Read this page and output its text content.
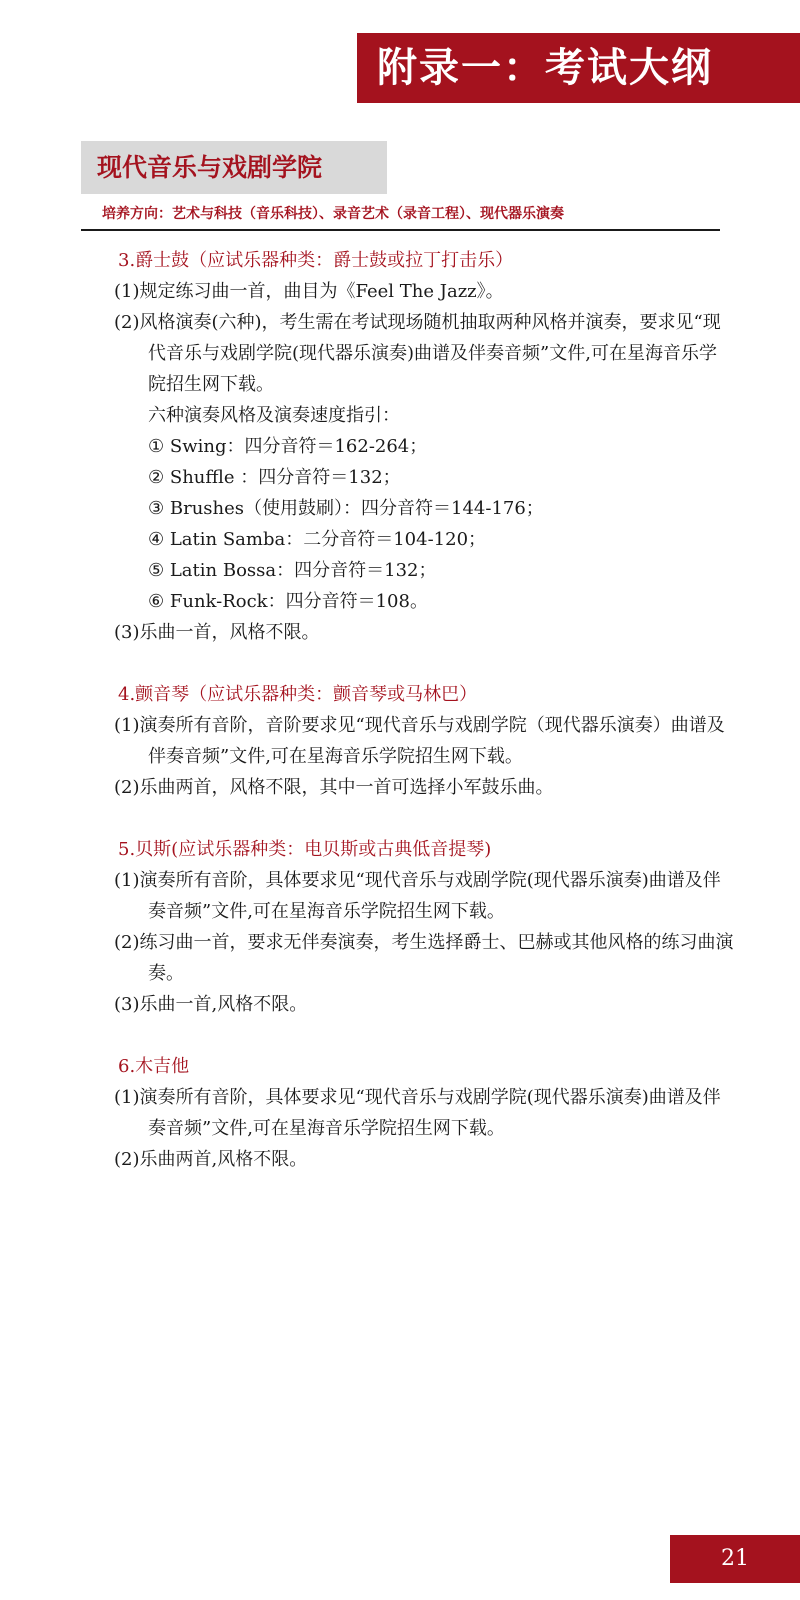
附录一：考试大纲
现代音乐与戏剧学院
培养方向：艺术与科技（音乐科技）、录音艺术（录音工程）、现代器乐演奏
3.爵士鼓（应试乐器种类：爵士鼓或拉丁打击乐）
(1)规定练习曲一首，曲目为《Feel The Jazz》。
(2)风格演奏(六种)，考生需在考试现场随机抽取两种风格并演奏，要求见“现代音乐与戏剧学院(现代器乐演奏)曲谱及伴奏音频”文件,可在星海音乐学院招生网下载。
六种演奏风格及演奏速度指引：
① Swing：四分音符＝162-264；
② Shuffle ：四分音符＝132；
③ Brushes（使用鼓刷）：四分音符＝144-176；
④ Latin Samba：二分音符＝104-120；
⑤ Latin Bossa：四分音符＝132；
⑥ Funk-Rock：四分音符＝108。
(3)乐曲一首，风格不限。
4.颤音琴（应试乐器种类：颤音琴或马林巴）
(1)演奏所有音阶，音阶要求见“现代音乐与戏剧学院（现代器乐演奏）曲谱及伴奏音频”文件,可在星海音乐学院招生网下载。
(2)乐曲两首，风格不限，其中一首可选择小军鼓乐曲。
5.贝斯(应试乐器种类：电贝斯或古典低音提琴)
(1)演奏所有音阶，具体要求见“现代音乐与戏剧学院(现代器乐演奏)曲谱及伴奏音频”文件,可在星海音乐学院招生网下载。
(2)练习曲一首，要求无伴奏演奏，考生选择爵士、巴赫或其他风格的练习曲演奏。
(3)乐曲一首,风格不限。
6.木吉他
(1)演奏所有音阶，具体要求见“现代音乐与戏剧学院(现代器乐演奏)曲谱及伴奏音频”文件,可在星海音乐学院招生网下载。
(2)乐曲两首,风格不限。
21
